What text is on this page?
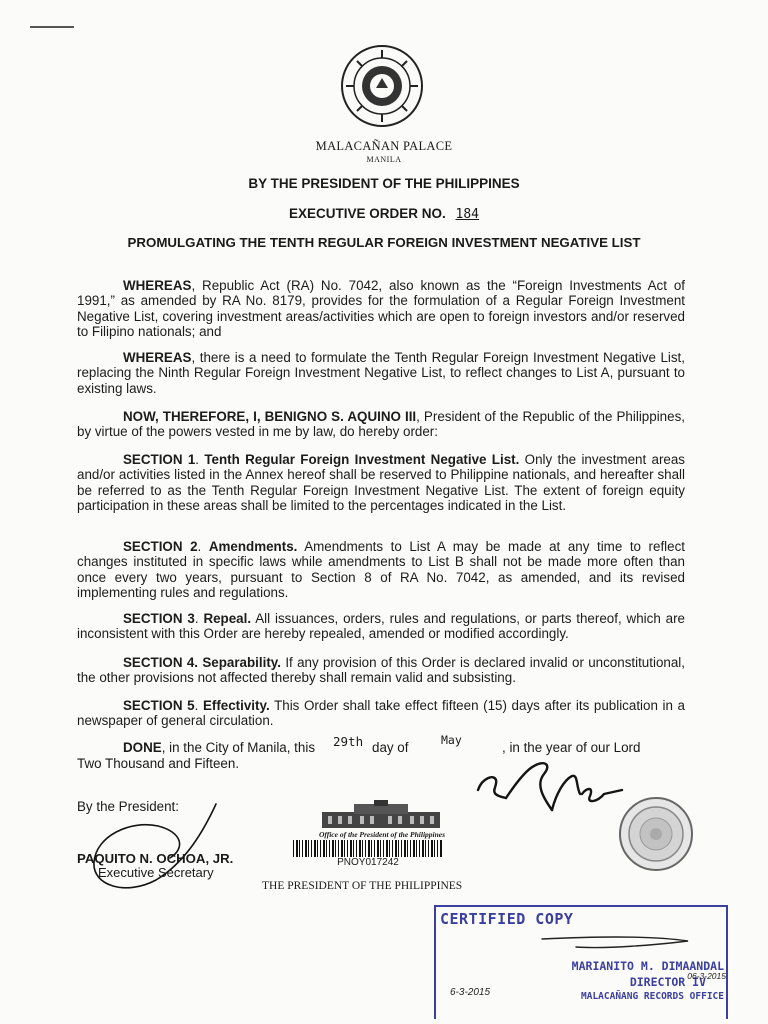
MALACAÑAN PALACE
MANILA
BY THE PRESIDENT OF THE PHILIPPINES
EXECUTIVE ORDER NO. 184
PROMULGATING THE TENTH REGULAR FOREIGN INVESTMENT NEGATIVE LIST
WHEREAS, Republic Act (RA) No. 7042, also known as the “Foreign Investments Act of 1991,” as amended by RA No. 8179, provides for the formulation of a Regular Foreign Investment Negative List, covering investment areas/activities which are open to foreign investors and/or reserved to Filipino nationals; and
WHEREAS, there is a need to formulate the Tenth Regular Foreign Investment Negative List, replacing the Ninth Regular Foreign Investment Negative List, to reflect changes to List A, pursuant to existing laws.
NOW, THEREFORE, I, BENIGNO S. AQUINO III, President of the Republic of the Philippines, by virtue of the powers vested in me by law, do hereby order:
SECTION 1. Tenth Regular Foreign Investment Negative List. Only the investment areas and/or activities listed in the Annex hereof shall be reserved to Philippine nationals, and hereafter shall be referred to as the Tenth Regular Foreign Investment Negative List. The extent of foreign equity participation in these areas shall be limited to the percentages indicated in the List.
SECTION 2. Amendments. Amendments to List A may be made at any time to reflect changes instituted in specific laws while amendments to List B shall not be made more often than once every two years, pursuant to Section 8 of RA No. 7042, as amended, and its revised implementing rules and regulations.
SECTION 3. Repeal. All issuances, orders, rules and regulations, or parts thereof, which are inconsistent with this Order are hereby repealed, amended or modified accordingly.
SECTION 4. Separability. If any provision of this Order is declared invalid or unconstitutional, the other provisions not affected thereby shall remain valid and subsisting.
SECTION 5. Effectivity. This Order shall take effect fifteen (15) days after its publication in a newspaper of general circulation.
DONE, in the City of Manila, this 29th day of	May	, in the year of our Lord
Two Thousand and Fifteen.
By the President:
PAQUITO N. OCHOA, JR.
Executive Secretary
Office of the President of the Philippines
PNOY017242
THE PRESIDENT OF THE PHILIPPINES
CERTIFIED COPY
MARIANITO M. DIMAANDAL
DIRECTOR IV
MALACAÑANG RECORDS OFFICE
6-3-2015
06-3-2015
